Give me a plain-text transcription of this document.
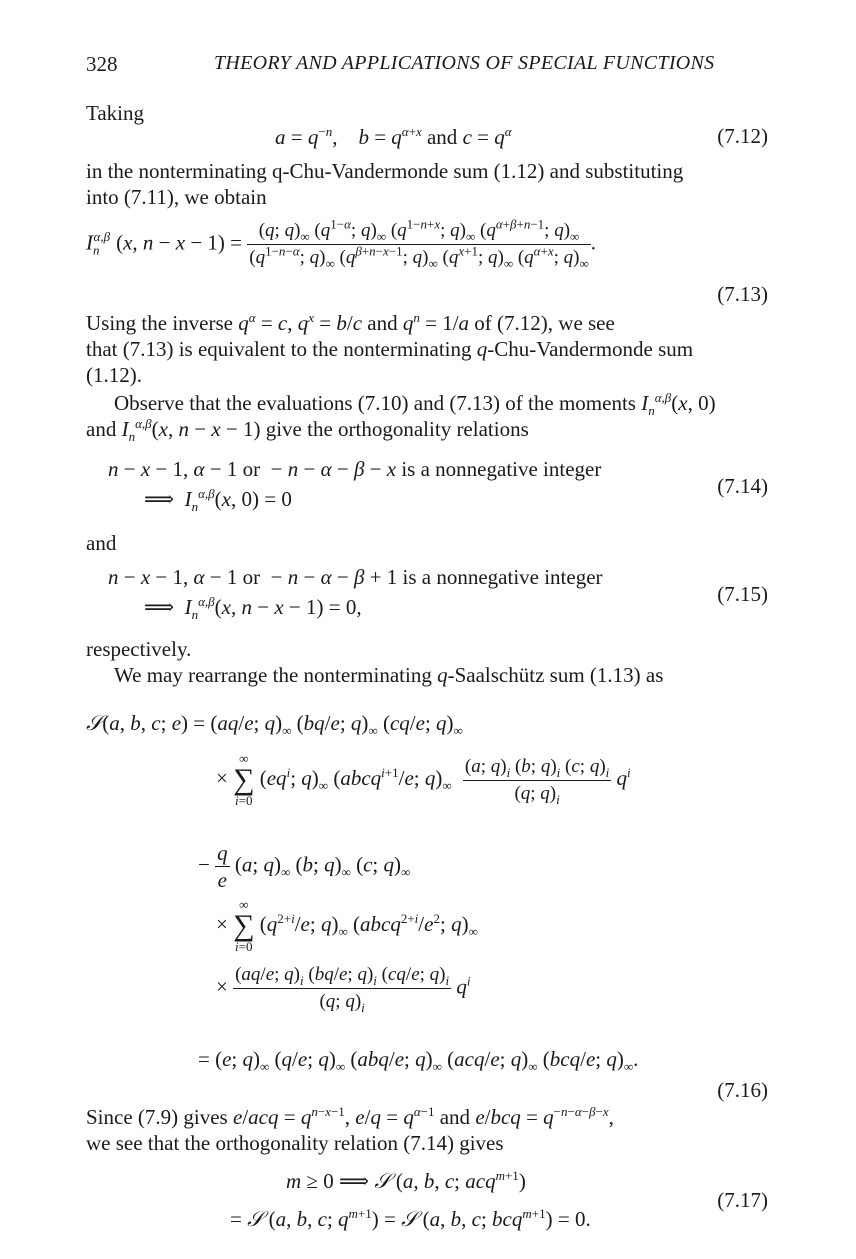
328	THEORY AND APPLICATIONS OF SPECIAL FUNCTIONS
Taking
$a = q^{-n}$,    $b = q^{\alpha+x}$ and $c = q^\alpha$	(7.12)
in the nonterminating q-Chu-Vandermonde sum (1.12) and substituting
into (7.11), we obtain
$I_n^{\alpha,\beta}$ (x, $n - x - 1) = \frac{(q; q)_\infty (q^{1-\alpha}; q)_\infty (q^{1-n+x}; q)_\infty (q^{\alpha+\beta+n-1}; q)_\infty}{(q^{1-n-\alpha}; q)_\infty (q^{\beta+n-x-1}; q)_\infty (q^{x+1}; q)_\infty (q^{\alpha+x}; q)_\infty}$ .
(7.13)
Using the inverse $q^\alpha = c$, $q^x = b/c$ and $q^n = 1/a$ of (7.12), we see
that (7.13) is equivalent to the nonterminating q-Chu-Vandermonde sum
(1.12).
Observe that the evaluations (7.10) and (7.13) of the moments $I_n^{\alpha,\beta}(x$, 0)
and $I_n^{\alpha,\beta}(x$, n − x − 1) give the orthogonality relations
n − x − 1, α − 1 or  − n − α − β − x is a nonnegative integer
⟹  $I_n^{\alpha,\beta}(x$, 0) = 0
(7.14)
and
n − x − 1, α − 1 or  − n − α − β + 1 is a nonnegative integer
⟹  $I_n^{\alpha,\beta}(x$, n − x − 1) = 0,
(7.15)
respectively.
We may rearrange the nonterminating q-Saalschütz sum (1.13) as
𝒮(a, b, c; e) = (aq/e; $q)_\infty$ (bq/e; $q)_\infty$ (cq/e; $q)_\infty$
×
∞
∑
i=0
($eq^i$; $q)_\infty$ (abcq$^{i+1}$/e; $q)_\infty \frac{(a; q)_i (b; q)_i (c; q)_i}{(q; q)_i} q^i$
− $\frac{q}{e} (a$; $q)_\infty$ (b; $q)_\infty$ (c; $q)_\infty$
×
∞
∑
i=0
($q^{2+i}/e$; $q)_\infty$ ($abcq^{2+i}/e^2$; $q)_\infty$
× $\frac{(aq/e; q)_i (bq/e; q)_i (cq/e; q)_i}{(q; q)_i} q^i$
= (e; $q)_\infty$ (q/e; $q)_\infty$ (abq/e; $q)_\infty$ (acq/e; $q)_\infty$ (bcq/e; $q)_\infty$.
(7.16)
Since (7.9) gives $e/acq = q^{n-x-1}$, $e/q = q^{\alpha-1}$ and $e/bcq = q^{-n-\alpha-\beta-x}$,
we see that the orthogonality relation (7.14) gives
m ≥ 0 ⟹ 𝒮 (a, b, c; acq$^{m+1}$)
= 𝒮 (a, b, c; $q^{m+1}$) = 𝒮 (a, b, c; bcq$^{m+1}$) = 0.
(7.17)
